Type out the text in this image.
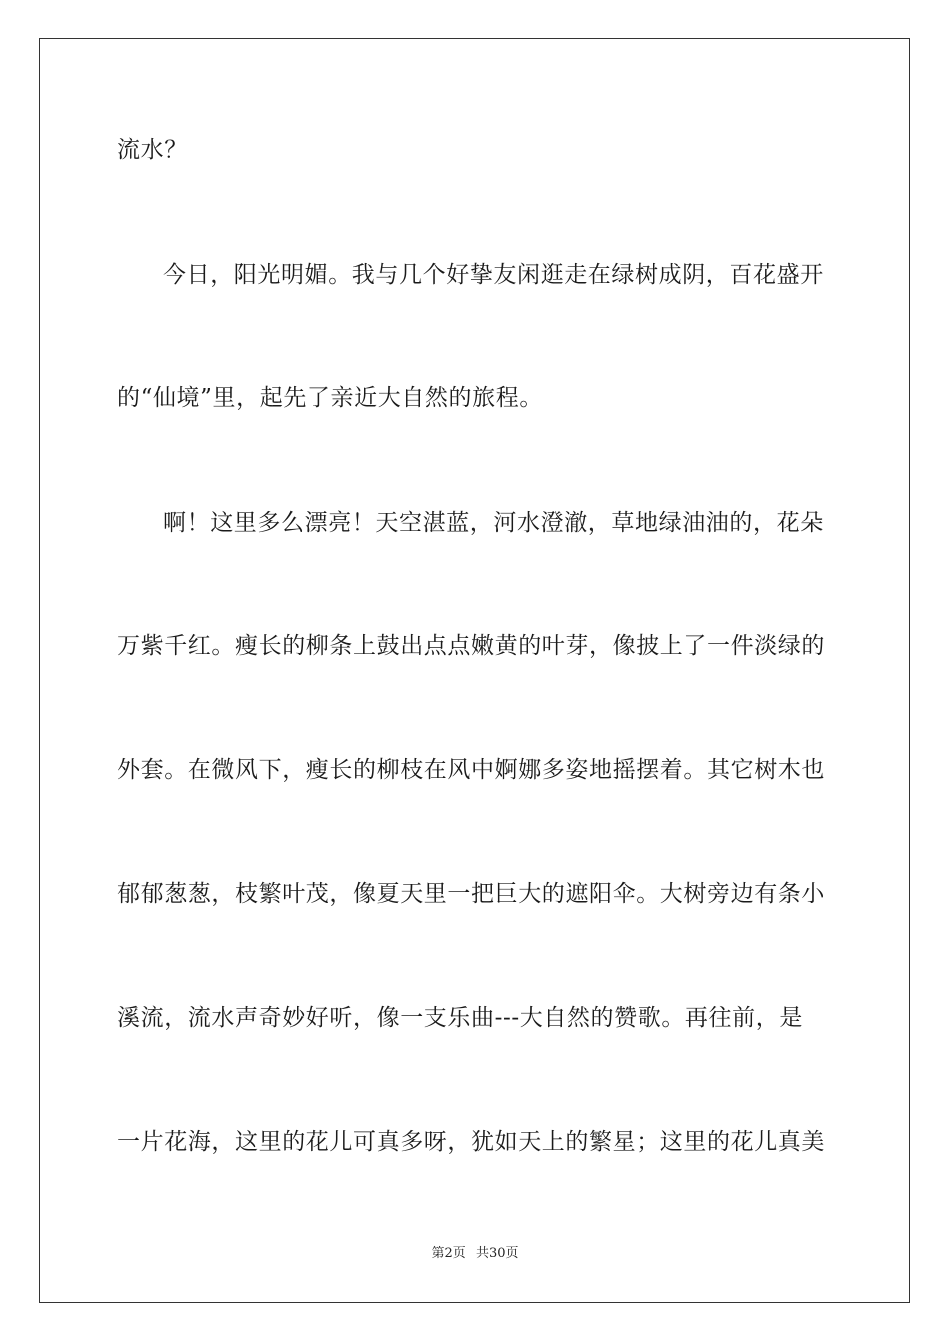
流水？
今日，阳光明媚。我与几个好挚友闲逛走在绿树成阴，百花盛开
的“仙境”里，起先了亲近大自然的旅程。
啊！这里多么漂亮！天空湛蓝，河水澄澈，草地绿油油的，花朵
万紫千红。瘦长的柳条上鼓出点点嫩黄的叶芽，像披上了一件淡绿的
外套。在微风下，瘦长的柳枝在风中婀娜多姿地摇摆着。其它树木也
郁郁葱葱，枝繁叶茂，像夏天里一把巨大的遮阳伞。大树旁边有条小
溪流，流水声奇妙好听，像一支乐曲---大自然的赞歌。再往前，是
一片花海，这里的花儿可真多呀，犹如天上的繁星；这里的花儿真美
第2页 共30页
